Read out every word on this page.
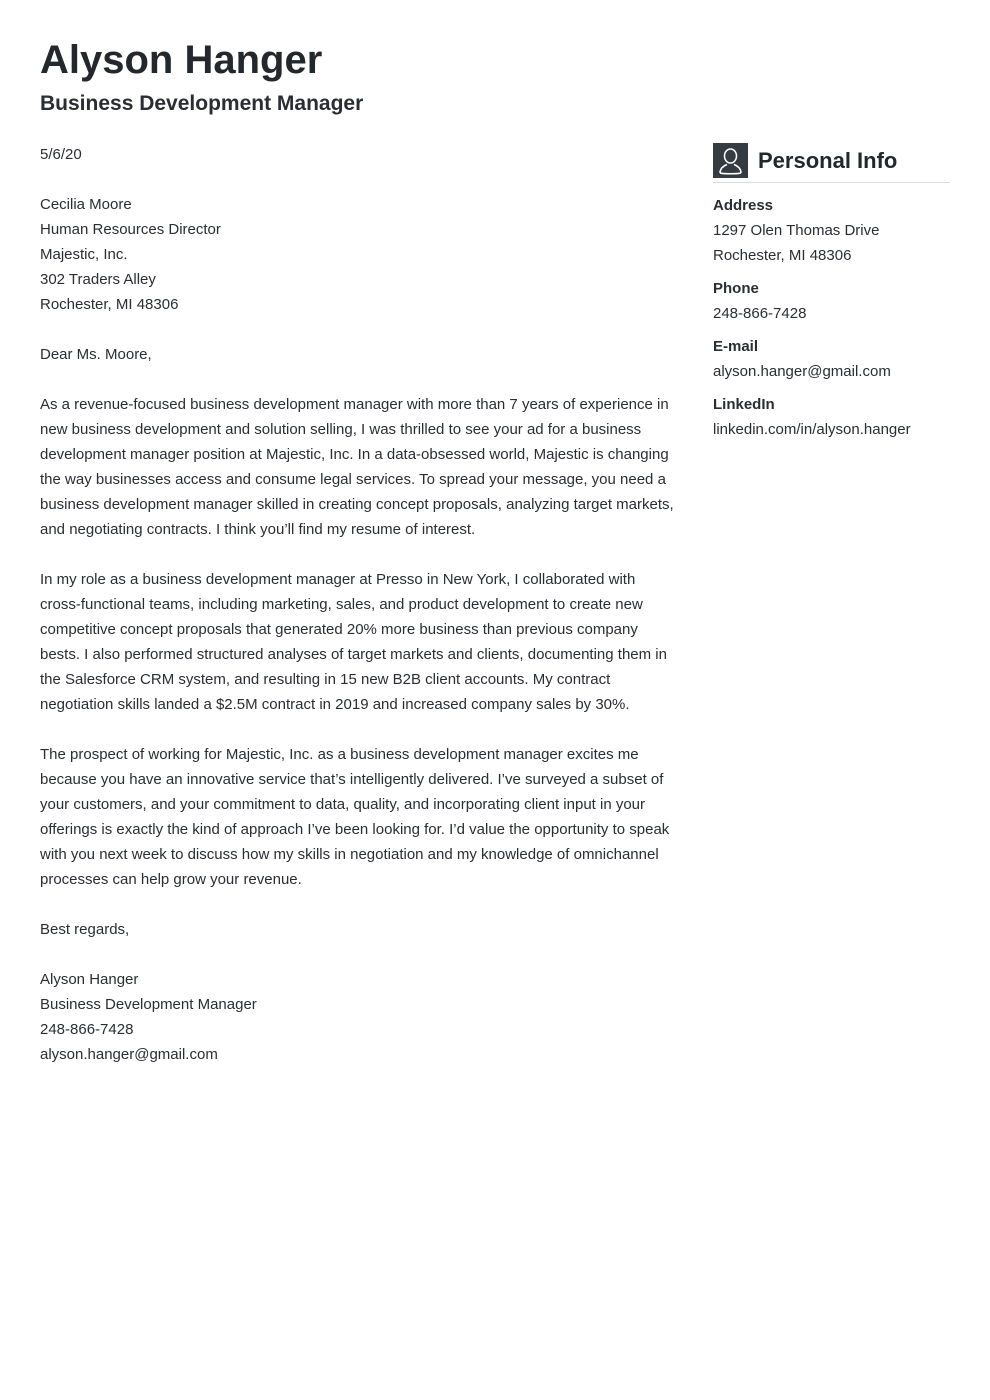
Alyson Hanger
Business Development Manager

5/6/20

Cecilia Moore
Human Resources Director
Majestic, Inc.
302 Traders Alley
Rochester, MI 48306

Dear Ms. Moore,

As a revenue-focused business development manager with more than 7 years of experience in new business development and solution selling, I was thrilled to see your ad for a business development manager position at Majestic, Inc. In a data-obsessed world, Majestic is changing the way businesses access and consume legal services. To spread your message, you need a business development manager skilled in creating concept proposals, analyzing target markets, and negotiating contracts. I think you’ll find my resume of interest.

In my role as a business development manager at Presso in New York, I collaborated with cross-functional teams, including marketing, sales, and product development to create new competitive concept proposals that generated 20% more business than previous company bests. I also performed structured analyses of target markets and clients, documenting them in the Salesforce CRM system, and resulting in 15 new B2B client accounts. My contract negotiation skills landed a $2.5M contract in 2019 and increased company sales by 30%.

The prospect of working for Majestic, Inc. as a business development manager excites me because you have an innovative service that’s intelligently delivered. I’ve surveyed a subset of your customers, and your commitment to data, quality, and incorporating client input in your offerings is exactly the kind of approach I’ve been looking for. I’d value the opportunity to speak with you next week to discuss how my skills in negotiation and my knowledge of omnichannel processes can help grow your revenue.

Best regards,

Alyson Hanger
Business Development Manager
248-866-7428
alyson.hanger@gmail.com
Personal Info
Address
1297 Olen Thomas Drive
Rochester, MI 48306
Phone
248-866-7428
E-mail
alyson.hanger@gmail.com
LinkedIn
linkedin.com/in/alyson.hanger
